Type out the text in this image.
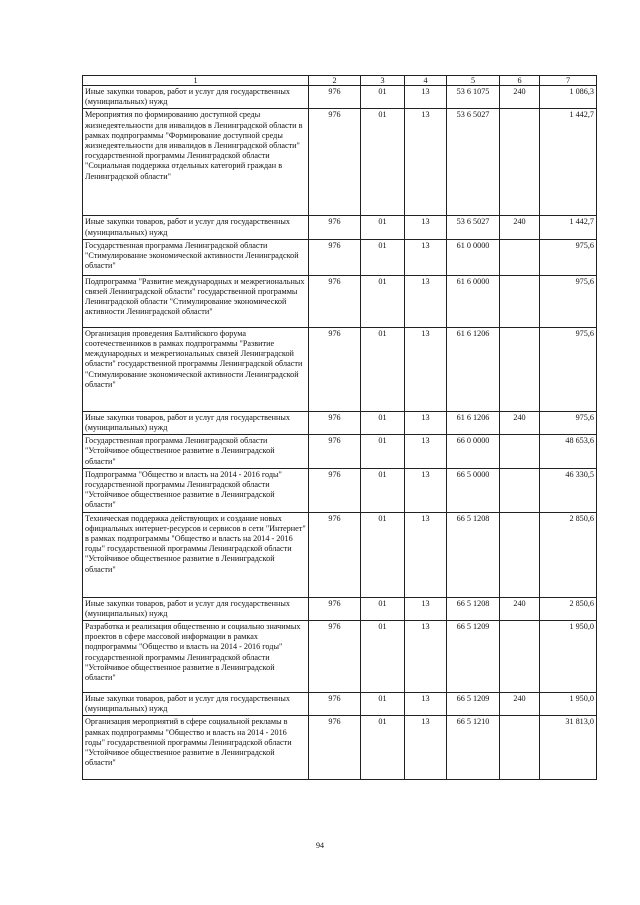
1	2	3	4	5	6	7
Иные закупки товаров, работ и услуг для государственных (муниципальных) нужд	976	01	13	53 6 1075	240	1 086,3
Мероприятия по формированию доступной среды жизнедеятельности для инвалидов в Ленинградской области в рамках подпрограммы "Формирование доступной среды жизнедеятельности для инвалидов в Ленинградской области" государственной программы Ленинградской области "Социальная поддержка отдельных категорий граждан в Ленинградской области"	976	01	13	53 6 5027		1 442,7
Иные закупки товаров, работ и услуг для государственных (муниципальных) нужд	976	01	13	53 6 5027	240	1 442,7
Государственная программа Ленинградской области "Стимулирование экономической активности Ленинградской области"	976	01	13	61 0 0000		975,6
Подпрограмма "Развитие международных и межрегиональных связей Ленинградской области" государственной программы Ленинградской области "Стимулирование экономической активности Ленинградской области"	976	01	13	61 6 0000		975,6
Организация проведения Балтийского форума соотечественников в рамках подпрограммы "Развитие международных и межрегиональных связей Ленинградской области" государственной программы Ленинградской области "Стимулирование экономической активности Ленинградской области"	976	01	13	61 6 1206		975,6
Иные закупки товаров, работ и услуг для государственных (муниципальных) нужд	976	01	13	61 6 1206	240	975,6
Государственная программа Ленинградской области "Устойчивое общественное развитие в Ленинградской области"	976	01	13	66 0 0000		48 653,6
Подпрограмма "Общество и власть на 2014 - 2016 годы" государственной программы Ленинградской области "Устойчивое общественное развитие в Ленинградской области"	976	01	13	66 5 0000		46 330,5
Техническая поддержка действующих и создание новых официальных интернет-ресурсов и сервисов в сети "Интернет" в рамках подпрограммы "Общество и власть на 2014 - 2016 годы" государственной программы Ленинградской области "Устойчивое общественное развитие в Ленинградской области"	976	01	13	66 5 1208		2 850,6
Иные закупки товаров, работ и услуг для государственных (муниципальных) нужд	976	01	13	66 5 1208	240	2 850,6
Разработка и реализация общественно и социально значимых проектов в сфере массовой информации в рамках подпрограммы "Общество и власть на 2014 - 2016 годы" государственной программы Ленинградской области "Устойчивое общественное развитие в Ленинградской области"	976	01	13	66 5 1209		1 950,0
Иные закупки товаров, работ и услуг для государственных (муниципальных) нужд	976	01	13	66 5 1209	240	1 950,0
Организация мероприятий в сфере социальной рекламы в рамках подпрограммы "Общество и власть на 2014 - 2016 годы" государственной программы Ленинградской области "Устойчивое общественное развитие в Ленинградской области"	976	01	13	66 5 1210		31 813,0
94
